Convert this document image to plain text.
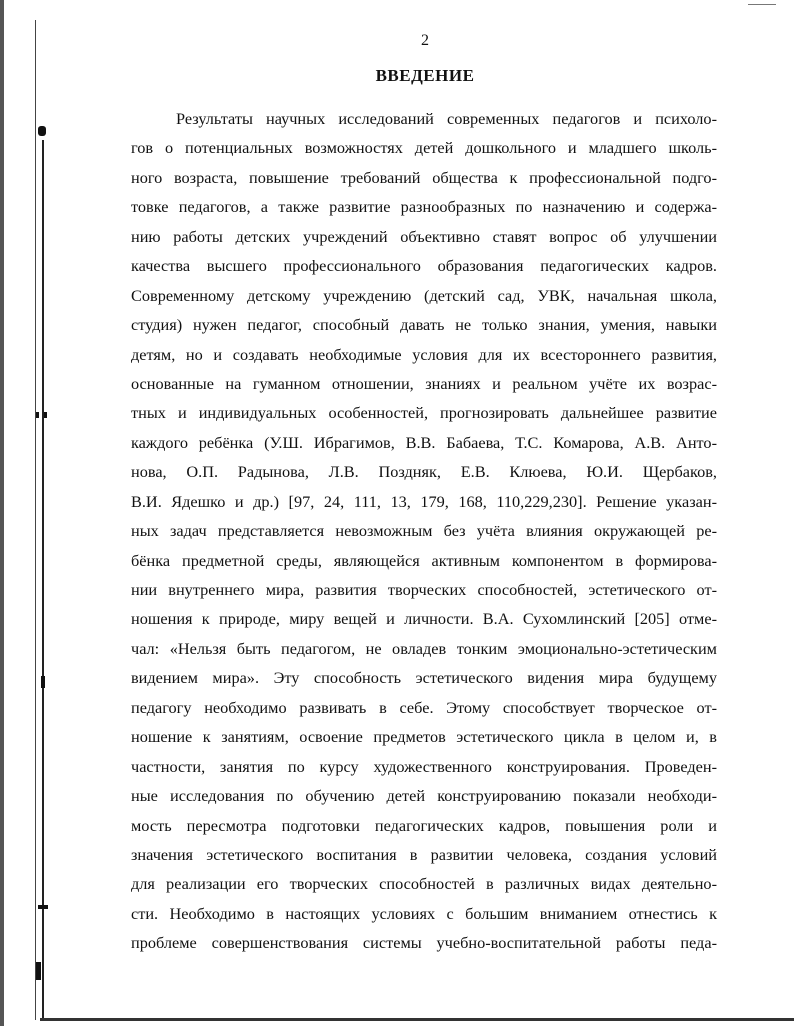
2
ВВЕДЕНИЕ
Результаты научных исследований современных педагогов и психоло-
гов о потенциальных возможностях детей дошкольного и младшего школь-
ного возраста, повышение требований общества к профессиональной подго-
товке педагогов, а также развитие разнообразных по назначению и содержа-
нию работы детских учреждений объективно ставят вопрос об улучшении
качества высшего профессионального образования педагогических кадров.
Современному детскому учреждению (детский сад, УВК, начальная школа,
студия) нужен педагог, способный давать не только знания, умения, навыки
детям, но и создавать необходимые условия для их всестороннего развития,
основанные на гуманном отношении, знаниях и реальном учёте их возрас-
тных и индивидуальных особенностей, прогнозировать дальнейшее развитие
каждого ребёнка (У.Ш. Ибрагимов, В.В. Бабаева, Т.С. Комарова, А.В. Анто-
нова, О.П. Радынова, Л.В. Поздняк, Е.В. Клюева, Ю.И. Щербаков,
В.И. Ядешко и др.) [97, 24, 111, 13, 179, 168, 110,229,230]. Решение указан-
ных задач представляется невозможным без учёта влияния окружающей ре-
бёнка предметной среды, являющейся активным компонентом в формирова-
нии внутреннего мира, развития творческих способностей, эстетического от-
ношения к природе, миру вещей и личности. В.А. Сухомлинский [205] отме-
чал: «Нельзя быть педагогом, не овладев тонким эмоционально-эстетическим
видением мира». Эту способность эстетического видения мира будущему
педагогу необходимо развивать в себе. Этому способствует творческое от-
ношение к занятиям, освоение предметов эстетического цикла в целом и, в
частности, занятия по курсу художественного конструирования. Проведен-
ные исследования по обучению детей конструированию показали необходи-
мость пересмотра подготовки педагогических кадров, повышения роли и
значения эстетического воспитания в развитии человека, создания условий
для реализации его творческих способностей в различных видах деятельно-
сти. Необходимо в настоящих условиях с большим вниманием отнестись к
проблеме совершенствования системы учебно-воспитательной работы педа-
